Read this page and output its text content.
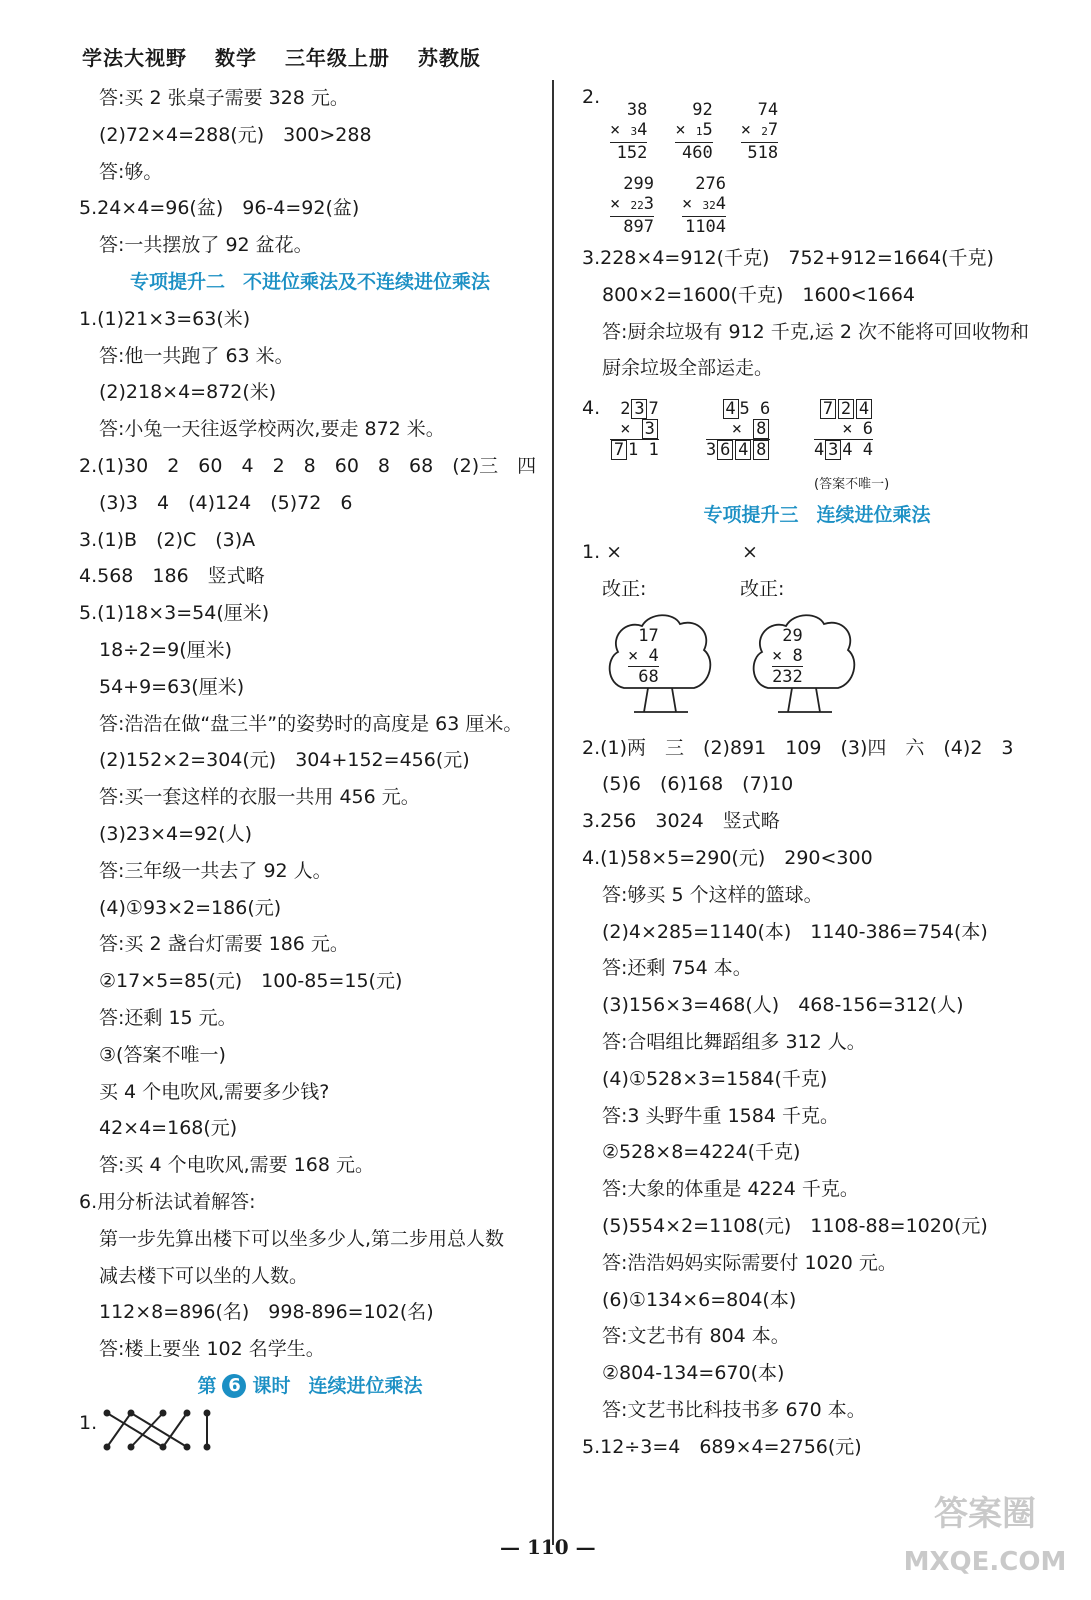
学法大视野 数学 三年级上册 苏教版
答:买 2 张桌子需要 328 元。
(2)72×4=288(元)　300>288
答:够。
5.24×4=96(盆)　96-4=92(盆)
答:一共摆放了 92 盆花。
专项提升二 不进位乘法及不连续进位乘法
1.(1)21×3=63(米)
答:他一共跑了 63 米。
(2)218×4=872(米)
答:小兔一天往返学校两次,要走 872 米。
2.(1)30　2　60　4　2　8　60　8　68　(2)三　四
(3)3　4　(4)124　(5)72　6
3.(1)B　(2)C　(3)A
4.568　186　竖式略
5.(1)18×3=54(厘米)
18÷2=9(厘米)
54+9=63(厘米)
答:浩浩在做“盘三半”的姿势时的高度是 63 厘米。
(2)152×2=304(元)　304+152=456(元)
答:买一套这样的衣服一共用 456 元。
(3)23×4=92(人)
答:三年级一共去了 92 人。
(4)①93×2=186(元)
答:买 2 盏台灯需要 186 元。
②17×5=85(元)　100-85=15(元)
答:还剩 15 元。
③(答案不唯一)
买 4 个电吹风,需要多少钱?
42×4=168(元)
答:买 4 个电吹风,需要 168 元。
6.用分析法试着解答:
第一步先算出楼下可以坐多少人,第二步用总人数
减去楼下可以坐的人数。
112×8=896(名)　998-896=102(名)
答:楼上要坐 102 名学生。
第 6 课时 连续进位乘法
1.
2.
38
× 34
152
92
× 15
460
74
× 27
518
299
× 223
897
276
× 324
1104
3.228×4=912(千克)　752+912=1664(千克)
800×2=1600(千克)　1600<1664
答:厨余垃圾有 912 千克,运 2 次不能将可回收物和
厨余垃圾全部运走。
4.	2 3 7
× 3
7 1 1
4 5 6
× 8
3 6 4 8
7 2 4
× 6
4 3 4 4
(答案不唯一)
专项提升三 连续进位乘法
1. ×	×
改正:	改正:
17
× 4
68

29
× 8
232
2.(1)两　三　(2)891　109　(3)四　六　(4)2　3
(5)6　(6)168　(7)10
3.256　3024　竖式略
4.(1)58×5=290(元)　290<300
答:够买 5 个这样的篮球。
(2)4×285=1140(本)　1140-386=754(本)
答:还剩 754 本。
(3)156×3=468(人)　468-156=312(人)
答:合唱组比舞蹈组多 312 人。
(4)①528×3=1584(千克)
答:3 头野牛重 1584 千克。
②528×8=4224(千克)
答:大象的体重是 4224 千克。
(5)554×2=1108(元)　1108-88=1020(元)
答:浩浩妈妈实际需要付 1020 元。
(6)①134×6=804(本)
答:文艺书有 804 本。
②804-134=670(本)
答:文艺书比科技书多 670 本。
5.12÷3=4　689×4=2756(元)
— 110 —
答案圈
MXQE.COM
